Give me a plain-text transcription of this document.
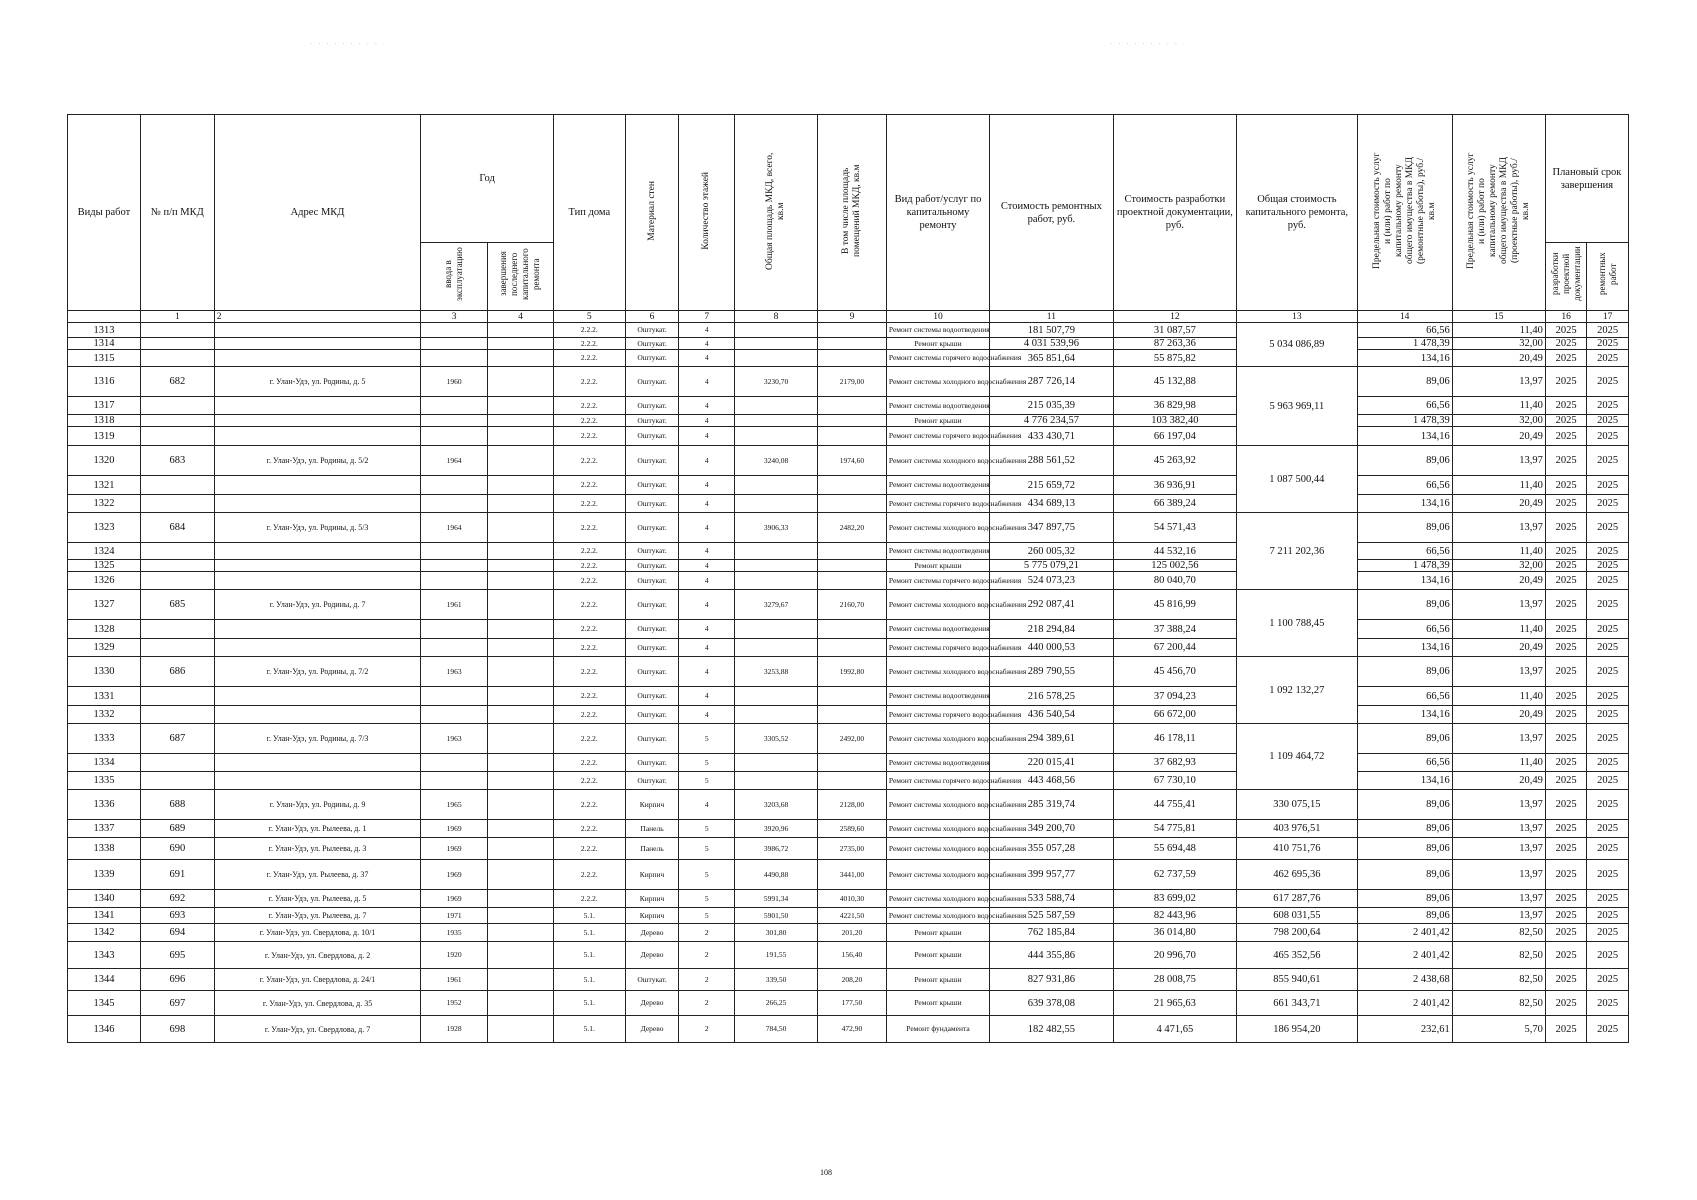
· · · · · · · · · ·	· · · · · · · · · ·
Виды работ	№ п/п МКД	Адрес МКД	Год		Тип дома	Материал стен	Количество этажей	Общая площадь МКД, всего, кв.м	В том числе площадь помещений МКД, кв.м	Вид работ/услуг по капитальному ремонту	Стоимость ремонтных работ, руб.	Стоимость разработки проектной документации, руб.	Общая стоимость капитального ремонта, руб.	Предельная стоимость услуг и (или) работ по капитальному ремонту общего имущества в МКД (ремонтные работы), руб./кв.м	Предельная стоимость услуг и (или) работ по капитальному ремонту общего имущества в МКД (проектные работы), руб./кв.м	Плановый срок завершения	
			ввода в эксплуатацию	завершения последнего капитального ремонта												разработки проектной документации	ремонтных работ
	1	2	3	4	5	6	7	8	9	10	11	12	13	14	15	16	17
1313					2.2.2.	Оштукат.	4			Ремонт системы водоотведения	181 507,79	31 087,57	5 034 086,89	66,56	11,40	2025	2025
1314					2.2.2.	Оштукат.	4			Ремонт крыши	4 031 539,96	87 263,36		1 478,39	32,00	2025	2025
1315					2.2.2.	Оштукат.	4			Ремонт системы горячего водоснабжения	365 851,64	55 875,82		134,16	20,49	2025	2025
1316	682	г. Улан-Удэ, ул. Родины, д. 5	1960		2.2.2.	Оштукат.	4	3230,70	2179,00	Ремонт системы холодного водоснабжения	287 726,14	45 132,88	5 963 969,11	89,06	13,97	2025	2025
1317					2.2.2.	Оштукат.	4			Ремонт системы водоотведения	215 035,39	36 829,98		66,56	11,40	2025	2025
1318					2.2.2.	Оштукат.	4			Ремонт крыши	4 776 234,57	103 382,40		1 478,39	32,00	2025	2025
1319					2.2.2.	Оштукат.	4			Ремонт системы горячего водоснабжения	433 430,71	66 197,04		134,16	20,49	2025	2025
1320	683	г. Улан-Удэ, ул. Родины, д. 5/2	1964		2.2.2.	Оштукат.	4	3240,08	1974,60	Ремонт системы холодного водоснабжения	288 561,52	45 263,92	1 087 500,44	89,06	13,97	2025	2025
1321					2.2.2.	Оштукат.	4			Ремонт системы водоотведения	215 659,72	36 936,91		66,56	11,40	2025	2025
1322					2.2.2.	Оштукат.	4			Ремонт системы горячего водоснабжения	434 689,13	66 389,24		134,16	20,49	2025	2025
1323	684	г. Улан-Удэ, ул. Родины, д. 5/3	1964		2.2.2.	Оштукат.	4	3906,33	2482,20	Ремонт системы холодного водоснабжения	347 897,75	54 571,43	7 211 202,36	89,06	13,97	2025	2025
1324					2.2.2.	Оштукат.	4			Ремонт системы водоотведения	260 005,32	44 532,16		66,56	11,40	2025	2025
1325					2.2.2.	Оштукат.	4			Ремонт крыши	5 775 079,21	125 002,56		1 478,39	32,00	2025	2025
1326					2.2.2.	Оштукат.	4			Ремонт системы горячего водоснабжения	524 073,23	80 040,70		134,16	20,49	2025	2025
1327	685	г. Улан-Удэ, ул. Родины, д. 7	1961		2.2.2.	Оштукат.	4	3279,67	2160,70	Ремонт системы холодного водоснабжения	292 087,41	45 816,99	1 100 788,45	89,06	13,97	2025	2025
1328					2.2.2.	Оштукат.	4			Ремонт системы водоотведения	218 294,84	37 388,24		66,56	11,40	2025	2025
1329					2.2.2.	Оштукат.	4			Ремонт системы горячего водоснабжения	440 000,53	67 200,44		134,16	20,49	2025	2025
1330	686	г. Улан-Удэ, ул. Родины, д. 7/2	1963		2.2.2.	Оштукат.	4	3253,88	1992,80	Ремонт системы холодного водоснабжения	289 790,55	45 456,70	1 092 132,27	89,06	13,97	2025	2025
1331					2.2.2.	Оштукат.	4			Ремонт системы водоотведения	216 578,25	37 094,23		66,56	11,40	2025	2025
1332					2.2.2.	Оштукат.	4			Ремонт системы горячего водоснабжения	436 540,54	66 672,00		134,16	20,49	2025	2025
1333	687	г. Улан-Удэ, ул. Родины, д. 7/3	1963		2.2.2.	Оштукат.	5	3305,52	2492,00	Ремонт системы холодного водоснабжения	294 389,61	46 178,11	1 109 464,72	89,06	13,97	2025	2025
1334					2.2.2.	Оштукат.	5			Ремонт системы водоотведения	220 015,41	37 682,93		66,56	11,40	2025	2025
1335					2.2.2.	Оштукат.	5			Ремонт системы горячего водоснабжения	443 468,56	67 730,10		134,16	20,49	2025	2025
1336	688	г. Улан-Удэ, ул. Родины, д. 9	1965		2.2.2.	Кирпич	4	3203,68	2128,00	Ремонт системы холодного водоснабжения	285 319,74	44 755,41	330 075,15	89,06	13,97	2025	2025
1337	689	г. Улан-Удэ, ул. Рылеева, д. 1	1969		2.2.2.	Панель	5	3920,96	2589,60	Ремонт системы холодного водоснабжения	349 200,70	54 775,81	403 976,51	89,06	13,97	2025	2025
1338	690	г. Улан-Удэ, ул. Рылеева, д. 3	1969		2.2.2.	Панель	5	3986,72	2735,00	Ремонт системы холодного водоснабжения	355 057,28	55 694,48	410 751,76	89,06	13,97	2025	2025
1339	691	г. Улан-Удэ, ул. Рылеева, д. 37	1969		2.2.2.	Кирпич	5	4490,88	3441,00	Ремонт системы холодного водоснабжения	399 957,77	62 737,59	462 695,36	89,06	13,97	2025	2025
1340	692	г. Улан-Удэ, ул. Рылеева, д. 5	1969		2.2.2.	Кирпич	5	5991,34	4010,30	Ремонт системы холодного водоснабжения	533 588,74	83 699,02	617 287,76	89,06	13,97	2025	2025
1341	693	г. Улан-Удэ, ул. Рылеева, д. 7	1971		5.1.	Кирпич	5	5901,50	4221,50	Ремонт системы холодного водоснабжения	525 587,59	82 443,96	608 031,55	89,06	13,97	2025	2025
1342	694	г. Улан-Удэ, ул. Свердлова, д. 10/1	1935		5.1.	Дерево	2	301,80	201,20	Ремонт крыши	762 185,84	36 014,80	798 200,64	2 401,42	82,50	2025	2025
1343	695	г. Улан-Удэ, ул. Свердлова, д. 2	1920		5.1.	Дерево	2	191,55	156,40	Ремонт крыши	444 355,86	20 996,70	465 352,56	2 401,42	82,50	2025	2025
1344	696	г. Улан-Удэ, ул. Свердлова, д. 24/1	1961		5.1.	Оштукат.	2	339,50	208,20	Ремонт крыши	827 931,86	28 008,75	855 940,61	2 438,68	82,50	2025	2025
1345	697	г. Улан-Удэ, ул. Свердлова, д. 35	1952		5.1.	Дерево	2	266,25	177,50	Ремонт крыши	639 378,08	21 965,63	661 343,71	2 401,42	82,50	2025	2025
1346	698	г. Улан-Удэ, ул. Свердлова, д. 7	1928		5.1.	Дерево	2	784,50	472,90	Ремонт фундамента	182 482,55	4 471,65	186 954,20	232,61	5,70	2025	2025
108
